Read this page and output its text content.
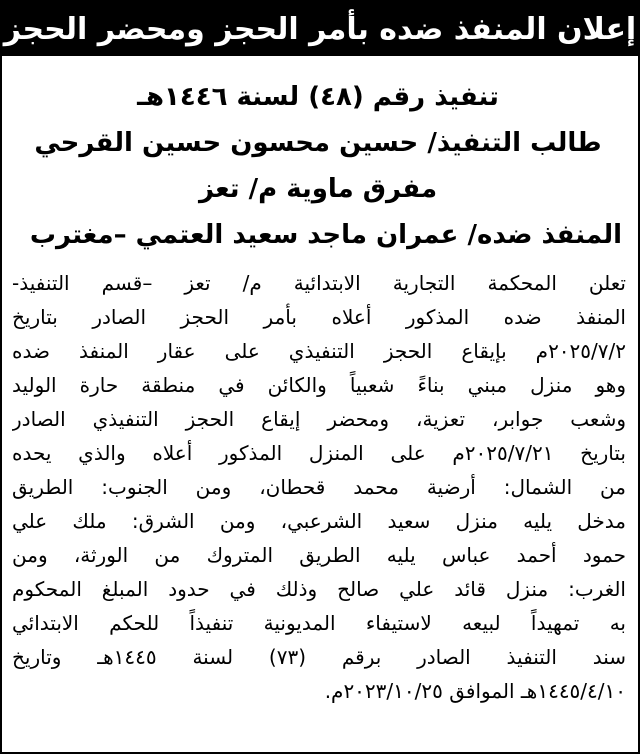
إعلان المنفذ ضده بأمر الحجز ومحضر الحجز
تنفيذ رقم (٤٨) لسنة ١٤٤٦هـ
طالب التنفيذ/ حسين محسون حسين القرحي
مفرق ماوية م/ تعز
المنفذ ضده/ عمران ماجد سعيد العتمي –مغترب
تعلن المحكمة التجارية الابتدائية م/ تعز –قسم التنفيذ-
المنفذ ضده المذكور أعلاه بأمر الحجز الصادر بتاريخ
٢٠٢٥/٧/٢م بإيقاع الحجز التنفيذي على عقار المنفذ ضده
وهو منزل مبني بناءً شعبياً والكائن في منطقة حارة الوليد
وشعب جوابر، تعزية، ومحضر إيقاع الحجز التنفيذي الصادر
بتاريخ ٢٠٢٥/٧/٢١م على المنزل المذكور أعلاه والذي يحده
من الشمال: أرضية محمد قحطان، ومن الجنوب: الطريق
مدخل يليه منزل سعيد الشرعبي، ومن الشرق: ملك علي
حمود أحمد عباس يليه الطريق المتروك من الورثة، ومن
الغرب: منزل قائد علي صالح وذلك في حدود المبلغ المحكوم
به تمهيداً لبيعه لاستيفاء المديونية تنفيذاً للحكم الابتدائي
سند التنفيذ الصادر برقم (٧٣) لسنة ١٤٤٥هـ وتاريخ
١٤٤٥/٤/١٠هـ الموافق ٢٠٢٣/١٠/٢٥م.
